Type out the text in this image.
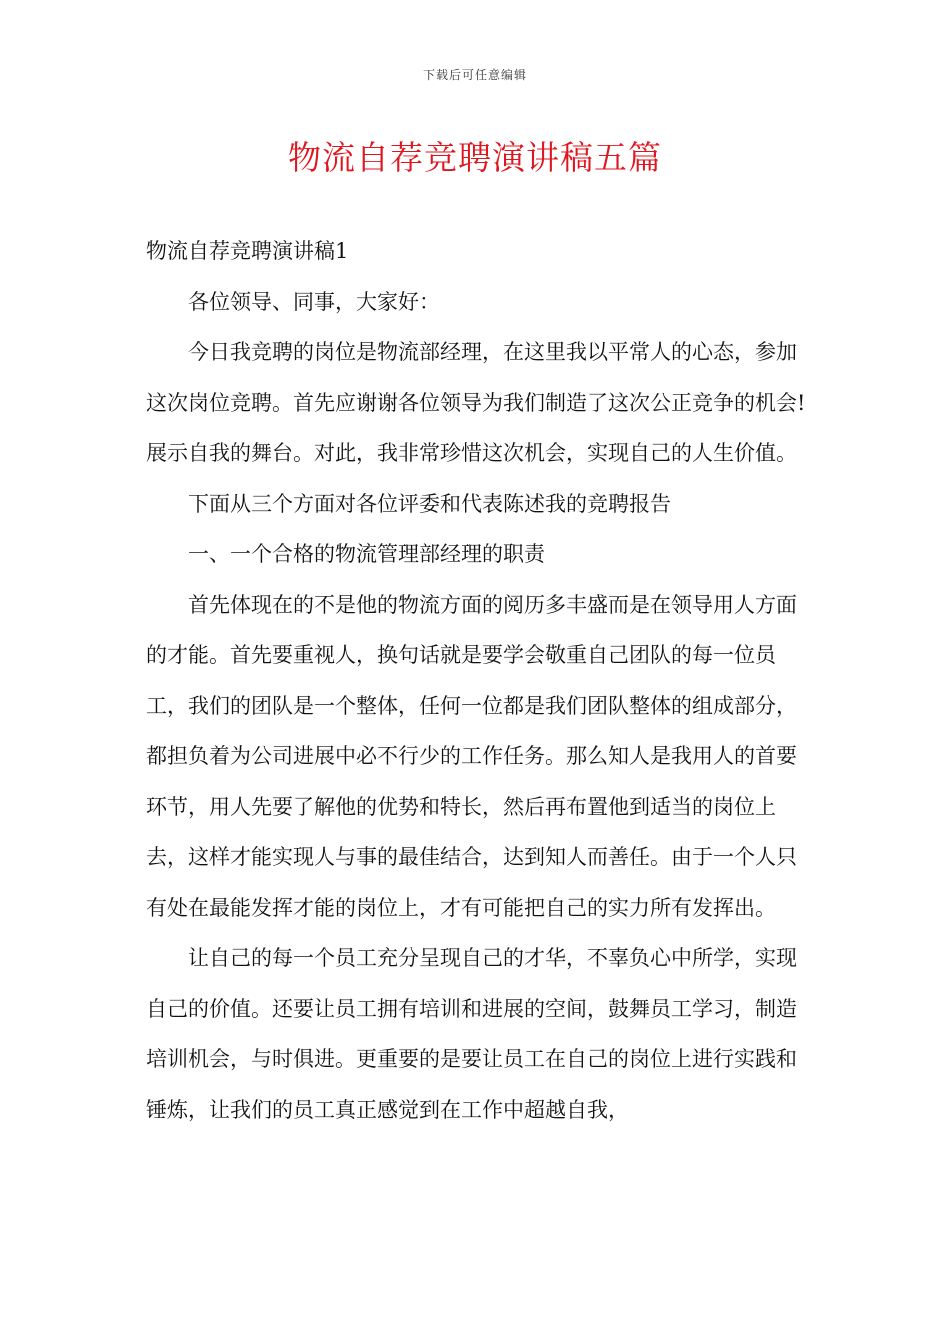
下载后可任意编辑
物流自荐竞聘演讲稿五篇

物流自荐竞聘演讲稿1

各位领导、同事，大家好：

今日我竞聘的岗位是物流部经理，在这里我以平常人的心态，参加这次岗位竞聘。首先应谢谢各位领导为我们制造了这次公正竞争的机会!展示自我的舞台。对此，我非常珍惜这次机会，实现自己的人生价值。

下面从三个方面对各位评委和代表陈述我的竞聘报告

一、一个合格的物流管理部经理的职责

首先体现在的不是他的物流方面的阅历多丰盛而是在领导用人方面的才能。首先要重视人，换句话就是要学会敬重自己团队的每一位员工，我们的团队是一个整体，任何一位都是我们团队整体的组成部分，都担负着为公司进展中必不行少的工作任务。那么知人是我用人的首要环节，用人先要了解他的优势和特长，然后再布置他到适当的岗位上去，这样才能实现人与事的最佳结合，达到知人而善任。由于一个人只有处在最能发挥才能的岗位上，才有可能把自己的实力所有发挥出。

让自己的每一个员工充分呈现自己的才华，不辜负心中所学，实现自己的价值。还要让员工拥有培训和进展的空间，鼓舞员工学习，制造培训机会，与时俱进。更重要的是要让员工在自己的岗位上进行实践和锤炼，让我们的员工真正感觉到在工作中超越自我，
